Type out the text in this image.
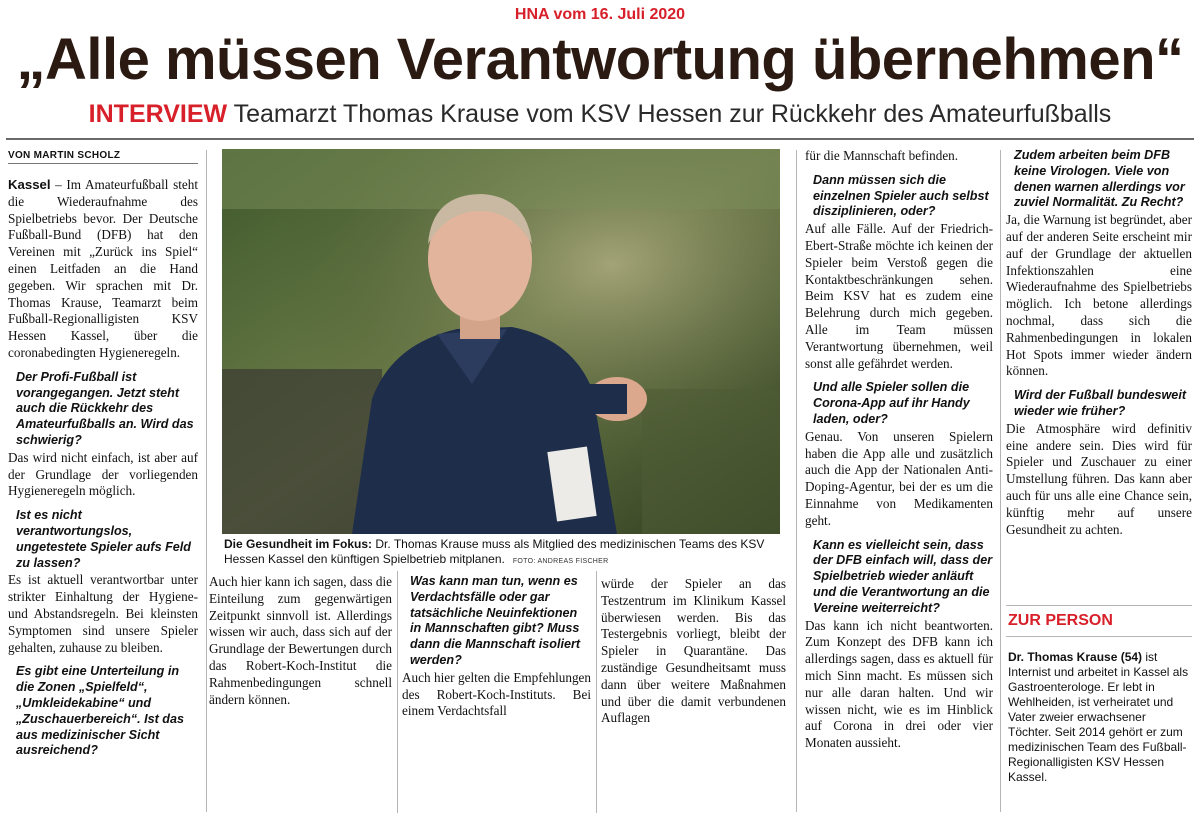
HNA vom 16. Juli 2020
„Alle müssen Verantwortung übernehmen“
INTERVIEW Teamarzt Thomas Krause vom KSV Hessen zur Rückkehr des Amateurfußballs
VON MARTIN SCHOLZ

Kassel – Im Amateurfußball steht die Wiederaufnahme des Spielbetriebs bevor. Der Deutsche Fußball-Bund (DFB) hat den Vereinen mit „Zurück ins Spiel“ einen Leitfaden an die Hand gegeben. Wir sprachen mit Dr. Thomas Krause, Teamarzt beim Fußball-Regionalligisten KSV Hessen Kassel, über die coronabedingten Hygieneregeln.

Der Profi-Fußball ist vorangegangen. Jetzt steht auch die Rückkehr des Amateurfußballs an. Wird das schwierig?

Das wird nicht einfach, ist aber auf der Grundlage der vorliegenden Hygieneregeln möglich.

Ist es nicht verantwortungslos, ungetestete Spieler aufs Feld zu lassen?

Es ist aktuell verantwortbar unter strikter Einhaltung der Hygiene- und Abstandsregeln. Bei kleinsten Symptomen sind unsere Spieler gehalten, zuhause zu bleiben.

Es gibt eine Unterteilung in die Zonen „Spielfeld“, „Umkleidekabine“ und „Zuschauerbereich“. Ist das aus medizinischer Sicht ausreichend?

Die Gesundheit im Fokus: Dr. Thomas Krause muss als Mitglied des medizinischen Teams des KSV Hessen Kassel den künftigen Spielbetrieb mitplanen. FOTO: ANDREAS FISCHER

Auch hier kann ich sagen, dass die Einteilung zum gegenwärtigen Zeitpunkt sinnvoll ist. Allerdings wissen wir auch, dass sich auf der Grundlage der Bewertungen durch das Robert-Koch-Institut die Rahmenbedingungen schnell ändern können.

Was kann man tun, wenn es Verdachtsfälle oder gar tatsächliche Neuinfektionen in Mannschaften gibt? Muss dann die Mannschaft isoliert werden?

Auch hier gelten die Empfehlungen des Robert-Koch-Instituts. Bei einem Verdachtsfall

würde der Spieler an das Testzentrum im Klinikum Kassel überwiesen werden. Bis das Testergebnis vorliegt, bleibt der Spieler in Quarantäne. Das zuständige Gesundheitsamt muss dann über weitere Maßnahmen und über die damit verbundenen Auflagen

für die Mannschaft befinden.

Dann müssen sich die einzelnen Spieler auch selbst disziplinieren, oder?

Auf alle Fälle. Auf der Friedrich-Ebert-Straße möchte ich keinen der Spieler beim Verstoß gegen die Kontaktbeschränkungen sehen. Beim KSV hat es zudem eine Belehrung durch mich gegeben. Alle im Team müssen Verantwortung übernehmen, weil sonst alle gefährdet werden.

Und alle Spieler sollen die Corona-App auf ihr Handy laden, oder?

Genau. Von unseren Spielern haben die App alle und zusätzlich auch die App der Nationalen Anti-Doping-Agentur, bei der es um die Einnahme von Medikamenten geht.

Kann es vielleicht sein, dass der DFB einfach will, dass der Spielbetrieb wieder anläuft und die Verantwortung an die Vereine weiterreicht?

Das kann ich nicht beantworten. Zum Konzept des DFB kann ich allerdings sagen, dass es aktuell für mich Sinn macht. Es müssen sich nur alle daran halten. Und wir wissen nicht, wie es im Hinblick auf Corona in drei oder vier Monaten aussieht.

Zudem arbeiten beim DFB keine Virologen. Viele von denen warnen allerdings vor zuviel Normalität. Zu Recht?

Ja, die Warnung ist begründet, aber auf der anderen Seite erscheint mir auf der Grundlage der aktuellen Infektionszahlen eine Wiederaufnahme des Spielbetriebs möglich. Ich betone allerdings nochmal, dass sich die Rahmenbedingungen in lokalen Hot Spots immer wieder ändern können.

Wird der Fußball bundesweit wieder wie früher?

Die Atmosphäre wird definitiv eine andere sein. Dies wird für Spieler und Zuschauer zu einer Umstellung führen. Das kann aber auch für uns alle eine Chance sein, künftig mehr auf unsere Gesundheit zu achten.

ZUR PERSON
Dr. Thomas Krause (54) ist Internist und arbeitet in Kassel als Gastroenterologe. Er lebt in Wehlheiden, ist verheiratet und Vater zweier erwachsener Töchter. Seit 2014 gehört er zum medizinischen Team des Fußball-Regionalligisten KSV Hessen Kassel.
